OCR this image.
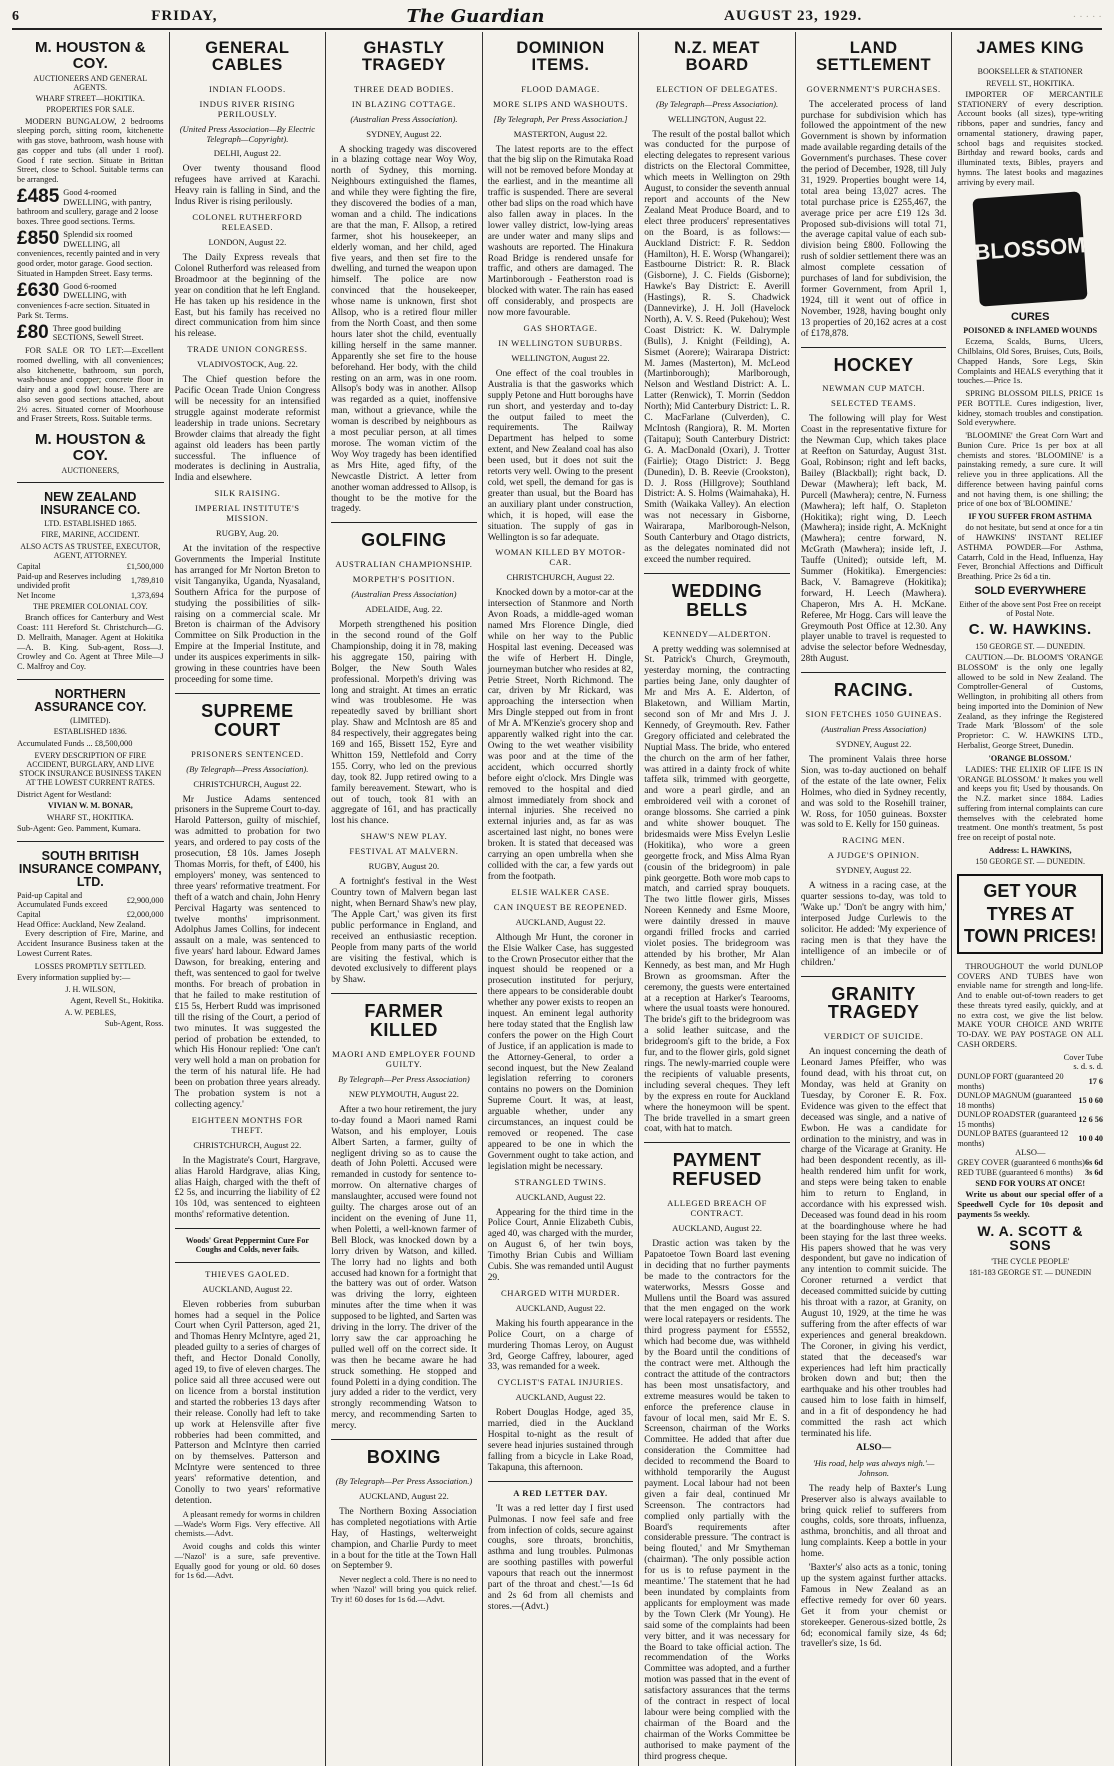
6	FRIDAY,	The Guardian	AUGUST 23, 1929.	· · · · ·
M. HOUSTON & COY.
AUCTIONEERS AND GENERAL AGENTS.
WHARF STREET—HOKITIKA.
PROPERTIES FOR SALE.

MODERN BUNGALOW, 2 bedrooms sleeping porch, sitting room, kitchenette with gas stove, bathroom, wash house with gas copper and tubs (all under 1 roof). Good f rate section. Situate in Brittan Street, close to School. Suitable terms can be arranged.

£485 Good 4-roomed DWELLING, with pantry, bathroom and scullery, garage and 2 loose boxes. Three good sections. Terms.
£850 Splendid six roomed DWELLING, all conveniences, recently painted and in very good order, motor garage. Good section. Situated in Hampden Street. Easy terms.
£630 Good 6-roomed DWELLING, with conveniences f-acre section. Situated in Park St. Terms.
£80 Three good building SECTIONS, Sewell Street.

FOR SALE OR TO LET:—Excellent roomed dwelling, with all conveniences; also kitchenette, bathroom, sun porch, wash-house and copper; concrete floor in dairy and a good fowl house. There are also seven good sections attached, about 2½ acres. Situated corner of Moorhouse and Fraser Streets, Ross. Suitable terms.

M. HOUSTON & COY.
AUCTIONEERS,
NEW ZEALAND INSURANCE CO.
LTD. ESTABLISHED 1865.
FIRE, MARINE, ACCIDENT.
ALSO ACTS AS TRUSTEE, EXECUTOR, AGENT, ATTORNEY.
Capital	£1,500,000
Paid-up and Reserves including undivided profit	1,789,810
Net Income	1,373,694
THE PREMIER COLONIAL COY.

Branch offices for Canterbury and West Coast: 111 Hereford St. Christchurch—G. D. Mellraith, Manager. Agent at Hokitika—A. B. King. Sub-agent, Ross—J. Crowley and Co. Agent at Three Mile—J C. Malfroy and Coy.

NORTHERN ASSURANCE COY.
(LIMITED).
ESTABLISHED 1836.
Accumulated Funds ... £8,500,000
EVERY DESCRIPTION OF FIRE ACCIDENT, BURGLARY, AND LIVE STOCK INSURANCE BUSINESS TAKEN AT THE LOWEST CURRENT RATES.
District Agent for Westland:
VIVIAN W. M. BONAR,
WHARF ST., HOKITIKA.
Sub-Agent: Geo. Pamment, Kumara.
SOUTH BRITISH INSURANCE COMPANY, LTD.
Paid-up Capital and Accumulated Funds exceed	£2,900,000
Capital	£2,000,000
Head Office: Auckland, New Zealand.

Every description of Fire, Marine, and Accident Insurance Business taken at the Lowest Current Rates.

LOSSES PROMPTLY SETTLED.
Every information supplied by:—
J. H. WILSON,
Agent, Revell St., Hokitika.
A. W. PEBLES,
Sub-Agent, Ross.
GENERAL CABLES
INDIAN FLOODS.
INDUS RIVER RISING PERILOUSLY.
(United Press Association—By Electric Telegraph—Copyright).
DELHI, August 22.

Over twenty thousand flood refugees have arrived at Karachi. Heavy rain is falling in Sind, and the Indus River is rising perilously.

COLONEL RUTHERFORD RELEASED.
LONDON, August 22.

The Daily Express reveals that Colonel Rutherford was released from Broadmoor at the beginning of the year on condition that he left England. He has taken up his residence in the East, but his family has received no direct communication from him since his release.

TRADE UNION CONGRESS.
VLADIVOSTOCK, Aug. 22.

The Chief question before the Pacific Ocean Trade Union Congress will be necessity for an intensified struggle against moderate reformist leadership in trade unions. Secretary Browder claims that already the fight against old leaders has been partly successful. The influence of moderates is declining in Australia, India and elsewhere.

SILK RAISING.
IMPERIAL INSTITUTE'S MISSION.
RUGBY, Aug. 20.

At the invitation of the respective Governments the Imperial Institute has arranged for Mr Norton Breton to visit Tanganyika, Uganda, Nyasaland, Southern Africa for the purpose of studying the possibilities of silk-raising on a commercial scale. Mr Breton is chairman of the Advisory Committee on Silk Production in the Empire at the Imperial Institute, and under its auspices experiments in silk-growing in these countries have been proceeding for some time.

SUPREME COURT
PRISONERS SENTENCED.
(By Telegraph—Press Association).
CHRISTCHURCH, August 22.

Mr Justice Adams sentenced prisoners in the Supreme Court to-day. Harold Patterson, guilty of mischief, was admitted to probation for two years, and ordered to pay costs of the prosecution, £8 10s. James Joseph Thomas Morris, for theft, of £400, his employers' money, was sentenced to three years' reformative treatment. For theft of a watch and chain, John Henry Percival Hagarty was sentenced to twelve months' imprisonment. Adolphus James Collins, for indecent assault on a male, was sentenced to five years' hard labour. Edward James Dawson, for breaking, entering and theft, was sentenced to gaol for twelve months. For breach of probation in that he failed to make restitution of £15 5s, Herbert Rudd was imprisoned till the rising of the Court, a period of two minutes. It was suggested the period of probation be extended, to which His Honour replied: 'One can't very well hold a man on probation for the term of his natural life. He had been on probation three years already. The probation system is not a collecting agency.'

EIGHTEEN MONTHS FOR THEFT.
CHRISTCHURCH, August 22.

In the Magistrate's Court, Hargrave, alias Harold Hardgrave, alias King, alias Haigh, charged with the theft of £2 5s, and incurring the liability of £2 10s 10d, was sentenced to eighteen months' reformative detention.

Woods' Great Peppermint Cure For Coughs and Colds, never fails.
THIEVES GAOLED.
AUCKLAND, August 22.

Eleven robberies from suburban homes had a sequel in the Police Court when Cyril Patterson, aged 21, and Thomas Henry McIntyre, aged 21, pleaded guilty to a series of charges of theft, and Hector Donald Conolly, aged 19, to five of eleven charges. The police said all three accused were out on licence from a borstal institution and started the robberies 13 days after their release. Conolly had left to take up work at Helensville after five robberies had been committed, and Patterson and McIntyre then carried on by themselves. Patterson and McIntyre were sentenced to three years' reformative detention, and Conolly to two years' reformative detention.

A pleasant remedy for worms in children—Wade's Worm Figs. Very effective. All chemists.—Advt.

Avoid coughs and colds this winter—'Nazol' is a sure, safe preventive. Equally good for young or old. 60 doses for 1s 6d.—Advt.

GHASTLY TRAGEDY
THREE DEAD BODIES.
IN BLAZING COTTAGE.
(Australian Press Association).
SYDNEY, August 22.

A shocking tragedy was discovered in a blazing cottage near Woy Woy, north of Sydney, this morning. Neighbours extinguished the flames, and while they were fighting the fire, they discovered the bodies of a man, woman and a child. The indications are that the man, F. Allsop, a retired farmer, shot his housekeeper, an elderly woman, and her child, aged five years, and then set fire to the dwelling, and turned the weapon upon himself. The police are now convinced that the housekeeper, whose name is unknown, first shot Allsop, who is a retired flour miller from the North Coast, and then some hours later shot the child, eventually killing herself in the same manner. Apparently she set fire to the house beforehand. Her body, with the child resting on an arm, was in one room. Allsop's body was in another. Allsop was regarded as a quiet, inoffensive man, without a grievance, while the woman is described by neighbours as a most peculiar person, at all times morose. The woman victim of the Woy Woy tragedy has been identified as Mrs Hite, aged fifty, of the Newcastle District. A letter from another woman addressed to Allsop, is thought to be the motive for the tragedy.

GOLFING
AUSTRALIAN CHAMPIONSHIP.
MORPETH'S POSITION.
(Australian Press Association)
ADELAIDE, Aug. 22.

Morpeth strengthened his position in the second round of the Golf Championship, doing it in 78, making his aggregate 150, pairing with Bolger, the New South Wales professional. Morpeth's driving was long and straight. At times an erratic wind was troublesome. He was repeatedly saved by brilliant short play. Shaw and McIntosh are 85 and 84 respectively, their aggregates being 169 and 165, Bissett 152, Eyre and Whitton 159, Nettlefold and Corry 155. Corry, who led on the previous day, took 82. Jupp retired owing to a family bereavement. Stewart, who is out of touch, took 81 with an aggregate of 161, and has practically lost his chance.

SHAW'S NEW PLAY.
FESTIVAL AT MALVERN.
RUGBY, August 20.

A fortnight's festival in the West Country town of Malvern began last night, when Bernard Shaw's new play, 'The Apple Cart,' was given its first public performance in England, and received an enthusiastic reception. People from many parts of the world are visiting the festival, which is devoted exclusively to different plays by Shaw.

FARMER KILLED
MAORI AND EMPLOYER FOUND GUILTY.
By Telegraph—Per Press Association)
NEW PLYMOUTH, August 22.

After a two hour retirement, the jury to-day found a Maori named Rami Watson, and his employer, Louis Albert Sarten, a farmer, guilty of negligent driving so as to cause the death of John Poletti. Accused were remanded in custody for sentence to-morrow. On alternative charges of manslaughter, accused were found not guilty. The charges arose out of an incident on the evening of June 11, when Poletti, a well-known farmer of Bell Block, was knocked down by a lorry driven by Watson, and killed. The lorry had no lights and both accused had known for a fortnight that the battery was out of order. Watson was driving the lorry, eighteen minutes after the time when it was supposed to be lighted, and Sarten was driving in the lorry. The driver of the lorry saw the car approaching he pulled well off on the correct side. It was then he became aware he had struck something. He stopped and found Poletti in a dying condition. The jury added a rider to the verdict, very strongly recommending Watson to mercy, and recommending Sarten to mercy.

BOXING
(By Telegraph—Per Press Association.)
AUCKLAND, August 22.

The Northern Boxing Association has completed negotiations with Artie Hay, of Hastings, welterweight champion, and Charlie Purdy to meet in a bout for the title at the Town Hall on September 9.

Never neglect a cold. There is no need to when 'Nazol' will bring you quick relief. Try it! 60 doses for 1s 6d.—Advt.

DOMINION ITEMS.
FLOOD DAMAGE.
MORE SLIPS AND WASHOUTS.
[By Telegraph, Per Press Association.]
MASTERTON, August 22.

The latest reports are to the effect that the big slip on the Rimutaka Road will not be removed before Monday at the earliest, and in the meantime all traffic is suspended. There are several other bad slips on the road which have also fallen away in places. In the lower valley district, low-lying areas are under water and many slips and washouts are reported. The Hinakura Road Bridge is rendered unsafe for traffic, and others are damaged. The Martinborough - Featherston road is blocked with water. The rain has eased off considerably, and prospects are now more favourable.

GAS SHORTAGE.
IN WELLINGTON SUBURBS.
WELLINGTON, August 22.

One effect of the coal troubles in Australia is that the gasworks which supply Petone and Hutt boroughs have run short, and yesterday and to-day the output failed to meet the requirements. The Railway Department has helped to some extent, and New Zealand coal has also been used, but it does not suit the retorts very well. Owing to the present cold, wet spell, the demand for gas is greater than usual, but the Board has an auxiliary plant under construction, which, it is hoped, will ease the situation. The supply of gas in Wellington is so far adequate.

WOMAN KILLED BY MOTOR-CAR.
CHRISTCHURCH, August 22.

Knocked down by a motor-car at the intersection of Stanmore and North Avon Roads, a middle-aged woman named Mrs Florence Dingle, died while on her way to the Public Hospital last evening. Deceased was the wife of Herbert H. Dingle, journeyman butcher who resides at 82, Petrie Street, North Richmond. The car, driven by Mr Rickard, was approaching the intersection when Mrs Dingle stepped out from in front of Mr A. M'Kenzie's grocery shop and apparently walked right into the car. Owing to the wet weather visibility was poor and at the time of the accident, which occurred shortly before eight o'clock. Mrs Dingle was removed to the hospital and died almost immediately from shock and internal injuries. She received no external injuries and, as far as was ascertained last night, no bones were broken. It is stated that deceased was carrying an open umbrella when she collided with the car, a few yards out from the footpath.

ELSIE WALKER CASE.
CAN INQUEST BE REOPENED.
AUCKLAND, August 22.

Although Mr Hunt, the coroner in the Elsie Walker Case, has suggested to the Crown Prosecutor either that the inquest should be reopened or a prosecution instituted for perjury, there appears to be considerable doubt whether any power exists to reopen an inquest. An eminent legal authority here today stated that the English law confers the power on the High Court of Justice, if an application is made to the Attorney-General, to order a second inquest, but the New Zealand legislation referring to coroners contains no powers on the Dominion Supreme Court. It was, at least, arguable whether, under any circumstances, an inquest could be removed or reopened. The case appeared to be one in which the Government ought to take action, and legislation might be necessary.

STRANGLED TWINS.
AUCKLAND, August 22.

Appearing for the third time in the Police Court, Annie Elizabeth Cubis, aged 40, was charged with the murder, on August 6, of her twin boys, Timothy Brian Cubis and William Cubis. She was remanded until August 29.

CHARGED WITH MURDER.
AUCKLAND, August 22.

Making his fourth appearance in the Police Court, on a charge of murdering Thomas Leroy, on August 3rd, George Caffrey, labourer, aged 33, was remanded for a week.

CYCLIST'S FATAL INJURIES.
AUCKLAND, August 22.

Robert Douglas Hodge, aged 35, married, died in the Auckland Hospital to-night as the result of severe head injuries sustained through falling from a bicycle in Lake Road, Takapuna, this afternoon.

A RED LETTER DAY.

'It was a red letter day I first used Pulmonas. I now feel safe and free from infection of colds, secure against coughs, sore throats, bronchitis, asthma and lung troubles. Pulmonas are soothing pastilles with powerful vapours that reach out the innermost part of the throat and chest.'—1s 6d and 2s 6d from all chemists and stores.—(Advt.)

N.Z. MEAT BOARD
ELECTION OF DELEGATES.
(By Telegraph—Press Association).
WELLINGTON, August 22.

The result of the postal ballot which was conducted for the purpose of electing delegates to represent various districts on the Electoral Committee, which meets in Wellington on 29th August, to consider the seventh annual report and accounts of the New Zealand Meat Produce Board, and to elect three producers' representatives on the Board, is as follows:—Auckland District: F. R. Seddon (Hamilton), H. E. Worsp (Whangarei); Eastbourne District: R. R. Black (Gisborne), J. C. Fields (Gisborne); Hawke's Bay District: E. Averill (Hastings), R. S. Chadwick (Dannevirke), J. H. Joll (Havelock North), A. V. S. Reed (Pukehou); West Coast District: K. W. Dalrymple (Bulls), J. Knight (Feilding), A. Sismet (Aorere); Wairarapa District: M. James (Masterton), M. McLeod (Martinborough); Marlborough, Nelson and Westland District: A. L. Latter (Renwick), T. Morrin (Seddon North); Mid Canterbury District: L. R. C. MacFarlane (Culverden), C. McIntosh (Rangiora), R. M. Morten (Taitapu); South Canterbury District: G. A. MacDonald (Oxari), J. Trotter (Fairlie); Otago District: J. Begg (Dunedin), D. B. Reevie (Crookston), D. J. Ross (Hillgrove); Southland District: A. S. Holms (Waimahaka), H. Smith (Waikaka Valley). An election was not necessary in Gisborne, Wairarapa, Marlborough-Nelson, South Canterbury and Otago districts, as the delegates nominated did not exceed the number required.

WEDDING BELLS
KENNEDY—ALDERTON.

A pretty wedding was solemnised at St. Patrick's Church, Greymouth, yesterday morning, the contracting parties being Jane, only daughter of Mr and Mrs A. E. Alderton, of Blaketown, and William Martin, second son of Mr and Mrs J. J. Kennedy, of Greymouth. Rev. Father Gregory officiated and celebrated the Nuptial Mass. The bride, who entered the church on the arm of her father, was attired in a dainty frock of white taffeta silk, trimmed with georgette, and wore a pearl girdle, and an embroidered veil with a coronet of orange blossoms. She carried a pink and white shower bouquet. The bridesmaids were Miss Evelyn Leslie (Hokitika), who wore a green georgette frock, and Miss Alma Ryan (cousin of the bridegroom) in pale pink georgette. Both wore mob caps to match, and carried spray bouquets. The two little flower girls, Misses Noreen Kennedy and Esme Moore, were daintily dressed in mauve organdi frilled frocks and carried violet posies. The bridegroom was attended by his brother, Mr Alan Kennedy, as best man, and Mr Hugh Brown as groomsman. After the ceremony, the guests were entertained at a reception at Harker's Tearooms, where the usual toasts were honoured. The bride's gift to the bridegroom was a solid leather suitcase, and the bridegroom's gift to the bride, a Fox fur, and to the flower girls, gold signet rings. The newly-married couple were the recipients of valuable presents, including several cheques. They left by the express en route for Auckland where the honeymoon will be spent. The bride travelled in a smart green coat, with hat to match.

PAYMENT REFUSED
ALLEGED BREACH OF CONTRACT.
AUCKLAND, August 22.

Drastic action was taken by the Papatoetoe Town Board last evening in deciding that no further payments be made to the contractors for the waterworks, Messrs Gosse and Mullens until the Board was assured that the men engaged on the work were local ratepayers or residents. The third progress payment for £5552, which had become due, was withheld by the Board until the conditions of the contract were met. Although the contract the attitude of the contractors has been most unsatisfactory, and extreme measures would be taken to enforce the preference clause in favour of local men, said Mr E. S. Screenson, chairman of the Works Committee. He added that after due consideration the Committee had decided to recommend the Board to withhold temporarily the August payment. Local labour had not been given a fair deal, continued Mr Screenson. The contractors had complied only partially with the Board's requirements after considerable pressure. 'The contract is being flouted,' and Mr Smytheman (chairman). 'The only possible action for us is to refuse payment in the meantime.' The statement that he had been inundated by complaints from applicants for employment was made by the Town Clerk (Mr Young). He said some of the complaints had been very bitter, and it was necessary for the Board to take official action. The recommendation of the Works Committee was adopted, and a further motion was passed that in the event of satisfactory assurances that the terms of the contract in respect of local labour were being complied with the chairman of the Board and the chairman of the Works Committee be authorised to make payment of the third progress cheque.

LAND SETTLEMENT
GOVERNMENT'S PURCHASES.

The accelerated process of land purchase for subdivision which has followed the appointment of the new Government is shown by information made available regarding details of the Government's purchases. These cover the period of December, 1928, till July 31, 1929. Properties bought were 14, total area being 13,027 acres. The total purchase price is £255,467, the average price per acre £19 12s 3d. Proposed sub-divisions will total 71, the average capital value of each sub-division being £800. Following the rush of soldier settlement there was an almost complete cessation of purchases of land for subdivision, the former Government, from April 1, 1924, till it went out of office in November, 1928, having bought only 13 properties of 20,162 acres at a cost of £178,878.

HOCKEY
NEWMAN CUP MATCH.
SELECTED TEAMS.

The following will play for West Coast in the representative fixture for the Newman Cup, which takes place at Reefton on Saturday, August 31st. Goal, Robinson; right and left backs, Bailey (Blackball); right back, D. Dewar (Mawhera); left back, M. Purcell (Mawhera); centre, N. Furness (Mawhera); left half, O. Stapleton (Hokitika); right wing, D. Leech (Mawhera); inside right, A. McKnight (Mawhera); centre forward, N. McGrath (Mawhera); inside left, J. Tauffe (United); outside left, M. Summer (Hokitika). Emergencies: Back, V. Bamagreve (Hokitika); forward, H. Leech (Mawhera). Chaperon, Mrs A. H. McKane. Referee, Mr Hogg. Cars will leave the Greymouth Post Office at 12.30. Any player unable to travel is requested to advise the selector before Wednesday, 28th August.

RACING.
SION FETCHES 1050 GUINEAS.
(Australian Press Association)
SYDNEY, August 22.

The prominent Valais three horse Sion, was to-day auctioned on behalf of the estate of the late owner, Felix Holmes, who died in Sydney recently, and was sold to the Rosehill trainer, W. Ross, for 1050 guineas. Boxster was sold to E. Kelly for 150 guineas.

RACING MEN.
A JUDGE'S OPINION.
SYDNEY, August 22.

A witness in a racing case, at the quarter sessions to-day, was told to 'Wake up.' 'Don't be angry with him,' interposed Judge Curlewis to the solicitor. He added: 'My experience of racing men is that they have the intelligence of an imbecile or of children.'

GRANITY TRAGEDY
VERDICT OF SUICIDE.

An inquest concerning the death of Leonard James Pfeiffer, who was found dead, with his throat cut, on Monday, was held at Granity on Tuesday, by Coroner E. R. Fox. Evidence was given to the effect that deceased was single, and a native of Ewbon. He was a candidate for ordination to the ministry, and was in charge of the Vicarage at Granity. He had been despondent recently, as ill-health rendered him unfit for work, and steps were being taken to enable him to return to England, in accordance with his expressed wish. Deceased was found dead in his room at the boardinghouse where he had been staying for the last three weeks. His papers showed that he was very despondent, but gave no indication of any intention to commit suicide. The Coroner returned a verdict that deceased committed suicide by cutting his throat with a razor, at Granity, on August 10, 1929, at the time he was suffering from the after effects of war experiences and general breakdown. The Coroner, in giving his verdict, stated that the deceased's war experiences had left him practically broken down and but; then the earthquake and his other troubles had caused him to lose faith in himself, and in a fit of despondency he had committed the rash act which terminated his life.

ALSO—
'His road, help was always nigh.'—Johnson.

The ready help of Baxter's Lung Preserver also is always available to bring quick relief to sufferers from coughs, colds, sore throats, influenza, asthma, bronchitis, and all throat and lung complaints. Keep a bottle in your home.

'Baxter's' also acts as a tonic, toning up the system against further attacks. Famous in New Zealand as an effective remedy for over 60 years. Get it from your chemist or storekeeper. Generous-sized bottle, 2s 6d; economical family size, 4s 6d; traveller's size, 1s 6d.

JAMES KING
BOOKSELLER & STATIONER
REVELL ST., HOKITIKA.

IMPORTER OF MERCANTILE STATIONERY of every description. Account books (all sizes), type-writing ribbons, paper and sundries, fancy and ornamental stationery, drawing paper, school bags and requisites stocked. Birthday and reward books, cards and illuminated texts, Bibles, prayers and hymns. The latest books and magazines arriving by every mail.

BLOSSOM
CURES
POISONED & INFLAMED WOUNDS

Eczema, Scalds, Burns, Ulcers, Chilblains, Old Sores, Bruises, Cuts, Boils, Chapped Hands, Sore Legs, Skin Complaints and HEALS everything that it touches.—Price 1s.

SPRING BLOSSOM PILLS, PRICE 1s PER BOTTLE. Cures indigestion, liver, kidney, stomach troubles and constipation. Sold everywhere.

'BLOOMINE' the Great Corn Wart and Bunion Cure. Price 1s per box at all chemists and stores. 'BLOOMINE' is a painstaking remedy, a sure cure. It will relieve you in three applications. All the difference between having painful corns and not having them, is one shilling; the price of one box of 'BLOOMINE.'

IF YOU SUFFER FROM ASTHMA

do not hesitate, but send at once for a tin of HAWKINS' INSTANT RELIEF ASTHMA POWDER—For Asthma, Catarrh, Cold in the Head, Influenza, Hay Fever, Bronchial Affections and Difficult Breathing. Price 2s 6d a tin.

SOLD EVERYWHERE
Either of the above sent Post Free on receipt of Postal Note.
C. W. HAWKINS.
150 GEORGE ST. — DUNEDIN.

CAUTION.—Dr. BLOOM'S 'ORANGE BLOSSOM' is the only one legally allowed to be sold in New Zealand. The Comptroller-General of Customs, Wellington, in prohibiting all others from being imported into the Dominion of New Zealand, as they infringe the Registered Trade Mark 'Blossom' of the sole Proprietor: C. W. HAWKINS LTD., Herbalist, George Street, Dunedin.

'ORANGE BLOSSOM.'

LADIES: THE ELIXIR OF LIFE IS IN 'ORANGE BLOSSOM.' It makes you well and keeps you fit; Used by thousands. On the N.Z. market since 1884. Ladies suffering from internal complaints can cure themselves with the celebrated home treatment. One month's treatment, 5s post free on receipt of postal note.

Address: L. HAWKINS,
150 GEORGE ST. — DUNEDIN.
GET YOUR TYRES AT TOWN PRICES!

THROUGHOUT the world DUNLOP COVERS AND TUBES have won enviable name for strength and long-life. And to enable out-of-town readers to get these threats tyred easily, quickly, and at no extra cost, we give the list below. MAKE YOUR CHOICE AND WRITE TO-DAY. WE PAY POSTAGE ON ALL CASH ORDERS.

Cover Tube
s. d. s. d.
DUNLOP FORT (guaranteed 20 months)	17 6
DUNLOP MAGNUM (guaranteed 18 months)	15 0 60
DUNLOP ROADSTER (guaranteed 15 months)	12 6 56
DUNLOP BATES (guaranteed 12 months)	10 0 40
ALSO—
GREY COVER (guaranteed 6 months)	6s 6d
RED TUBE (guaranteed 6 months)	3s 6d
SEND FOR YOURS AT ONCE!

Write us about our special offer of a Speedwell Cycle for 10s deposit and payments 5s weekly.

W. A. SCOTT & SONS
'THE CYCLE PEOPLE'
181-183 GEORGE ST. — DUNEDIN
